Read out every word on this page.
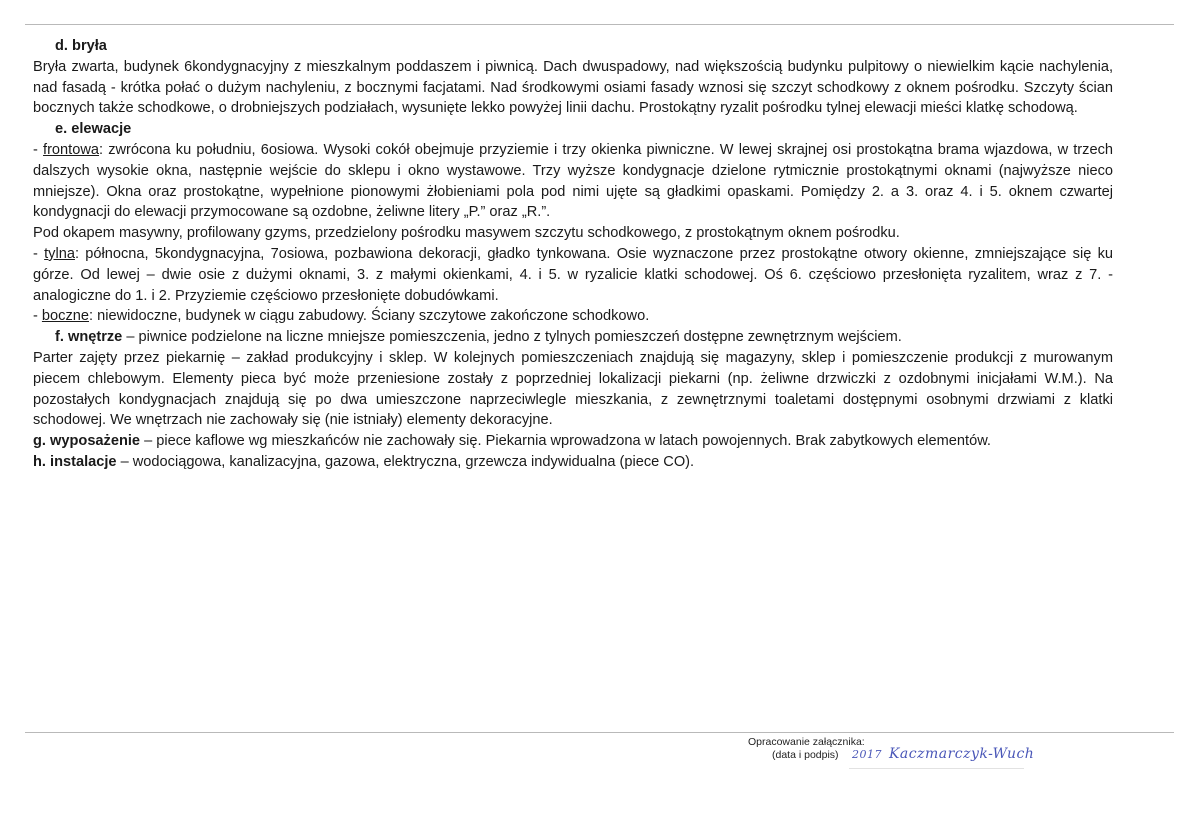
d. bryła

Bryła zwarta, budynek 6kondygnacyjny z mieszkalnym poddaszem i piwnicą. Dach dwuspadowy, nad większością budynku pulpitowy o niewielkim kącie nachylenia, nad fasadą - krótka połać o dużym nachyleniu, z bocznymi facjatami. Nad środkowymi osiami fasady wznosi się szczyt schodkowy z oknem pośrodku. Szczyty ścian bocznych także schodkowe, o drobniejszych podziałach, wysunięte lekko powyżej linii dachu. Prostokątny ryzalit pośrodku tylnej elewacji mieści klatkę schodową.

e. elewacje

- frontowa: zwrócona ku południu, 6osiowa. Wysoki cokół obejmuje przyziemie i trzy okienka piwniczne. W lewej skrajnej osi prostokątna brama wjazdowa, w trzech dalszych wysokie okna, następnie wejście do sklepu i okno wystawowe. Trzy wyższe kondygnacje dzielone rytmicznie prostokątnymi oknami (najwyższe nieco mniejsze). Okna oraz prostokątne, wypełnione pionowymi żłobieniami pola pod nimi ujęte są gładkimi opaskami. Pomiędzy 2. a 3. oraz 4. i 5. oknem czwartej kondygnacji do elewacji przymocowane są ozdobne, żeliwne litery „P.” oraz „R.”.

Pod okapem masywny, profilowany gzyms, przedzielony pośrodku masywem szczytu schodkowego, z prostokątnym oknem pośrodku.

- tylna: północna, 5kondygnacyjna, 7osiowa, pozbawiona dekoracji, gładko tynkowana. Osie wyznaczone przez prostokątne otwory okienne, zmniejszające się ku górze. Od lewej – dwie osie z dużymi oknami, 3. z małymi okienkami, 4. i 5. w ryzalicie klatki schodowej. Oś 6. częściowo przesłonięta ryzalitem, wraz z 7. - analogiczne do 1. i 2. Przyziemie częściowo przesłonięte dobudówkami.

- boczne: niewidoczne, budynek w ciągu zabudowy. Ściany szczytowe zakończone schodkowo.

f. wnętrze – piwnice podzielone na liczne mniejsze pomieszczenia, jedno z tylnych pomieszczeń dostępne zewnętrznym wejściem.

Parter zajęty przez piekarnię – zakład produkcyjny i sklep. W kolejnych pomieszczeniach znajdują się magazyny, sklep i pomieszczenie produkcji z murowanym piecem chlebowym. Elementy pieca być może przeniesione zostały z poprzedniej lokalizacji piekarni (np. żeliwne drzwiczki z ozdobnymi inicjałami W.M.). Na pozostałych kondygnacjach znajdują się po dwa umieszczone naprzeciwlegle mieszkania, z zewnętrznymi toaletami dostępnymi osobnymi drzwiami z klatki schodowej. We wnętrzach nie zachowały się (nie istniały) elementy dekoracyjne.

g. wyposażenie – piece kaflowe wg mieszkańców nie zachowały się. Piekarnia wprowadzona w latach powojennych. Brak zabytkowych elementów.

h. instalacje – wodociągowa, kanalizacyjna, gazowa, elektryczna, grzewcza indywidualna (piece CO).

Opracowanie załącznika:
(data i podpis)	2017 Kaczmarczyk-Wuch
